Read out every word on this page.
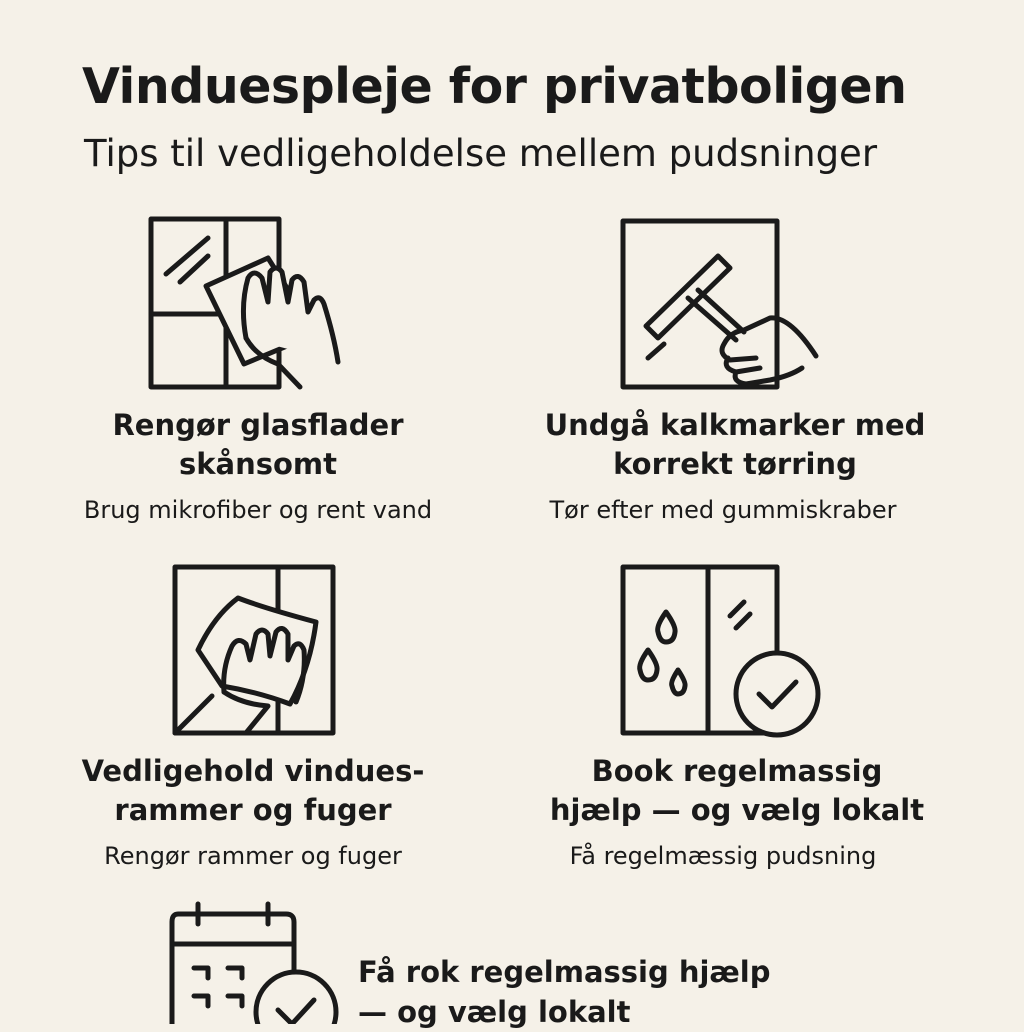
Vinduespleje for privatboligen
Tips til vedligeholdelse mellem pudsninger
Rengør glasflader
skånsomt

Brug mikrofiber og rent vand

Undgå kalkmarker med
korrekt tørring

Tør efter med gummiskraber

Vedligehold vindues-
rammer og fuger

Rengør rammer og fuger

Book regelmassig
hjælp — og vælg lokalt

Få regelmæssig pudsning

Få rok regelmassig hjælp
— og vælg lokalt
